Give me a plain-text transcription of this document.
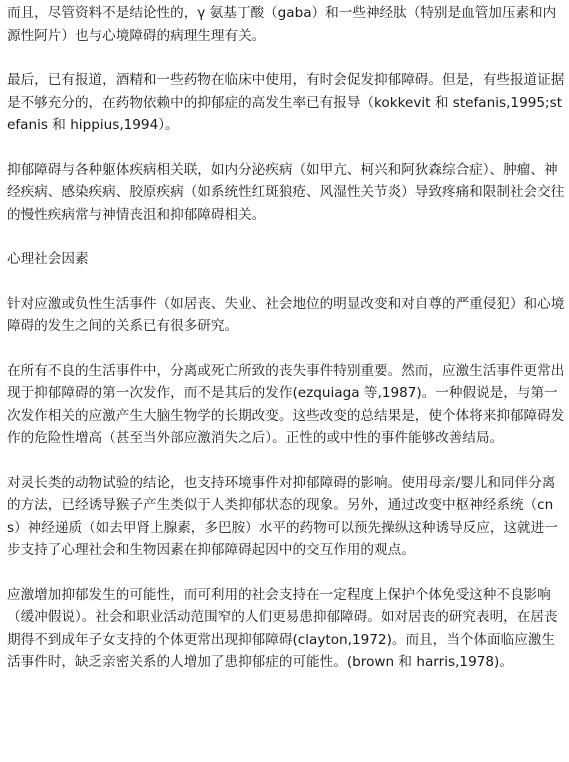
而且，尽管资料不是结论性的，γ 氨基丁酸（gaba）和一些神经肽（特别是血管加压素和内源性阿片）也与心境障碍的病理生理有关。

最后，已有报道，酒精和一些药物在临床中使用，有时会促发抑郁障碍。但是，有些报道证据是不够充分的，在药物依赖中的抑郁症的高发生率已有报导（kokkevit 和 stefanis,1995;stefanis 和 hippius,1994）。

抑郁障碍与各种躯体疾病相关联，如内分泌疾病（如甲亢、柯兴和阿狄森综合症）、肿瘤、神经疾病、感染疾病、胶原疾病（如系统性红斑狼疮、风湿性关节炎）导致疼痛和限制社会交往的慢性疾病常与神情丧沮和抑郁障碍相关。

心理社会因素

针对应激或负性生活事件（如居丧、失业、社会地位的明显改变和对自尊的严重侵犯）和心境障碍的发生之间的关系已有很多研究。

在所有不良的生活事件中，分离或死亡所致的丧失事件特别重要。然而，应激生活事件更常出现于抑郁障碍的第一次发作，而不是其后的发作(ezquiaga 等,1987)。一种假说是，与第一次发作相关的应激产生大脑生物学的长期改变。这些改变的总结果是，使个体将来抑郁障碍发作的危险性增高（甚至当外部应激消失之后）。正性的或中性的事件能够改善结局。

对灵长类的动物试验的结论，也支持环境事件对抑郁障碍的影响。使用母亲/婴儿和同伴分离的方法，已经诱导猴子产生类似于人类抑郁状态的现象。另外，通过改变中枢神经系统（cns）神经递质（如去甲肾上腺素，多巴胺）水平的药物可以预先操纵这种诱导反应，这就进一步支持了心理社会和生物因素在抑郁障碍起因中的交互作用的观点。

应激增加抑郁发生的可能性，而可利用的社会支持在一定程度上保护个体免受这种不良影响（缓冲假说）。社会和职业活动范围窄的人们更易患抑郁障碍。如对居丧的研究表明，在居丧期得不到成年子女支持的个体更常出现抑郁障碍(clayton,1972)。而且，当个体面临应激生活事件时，缺乏亲密关系的人增加了患抑郁症的可能性。(brown 和 harris,1978)。
